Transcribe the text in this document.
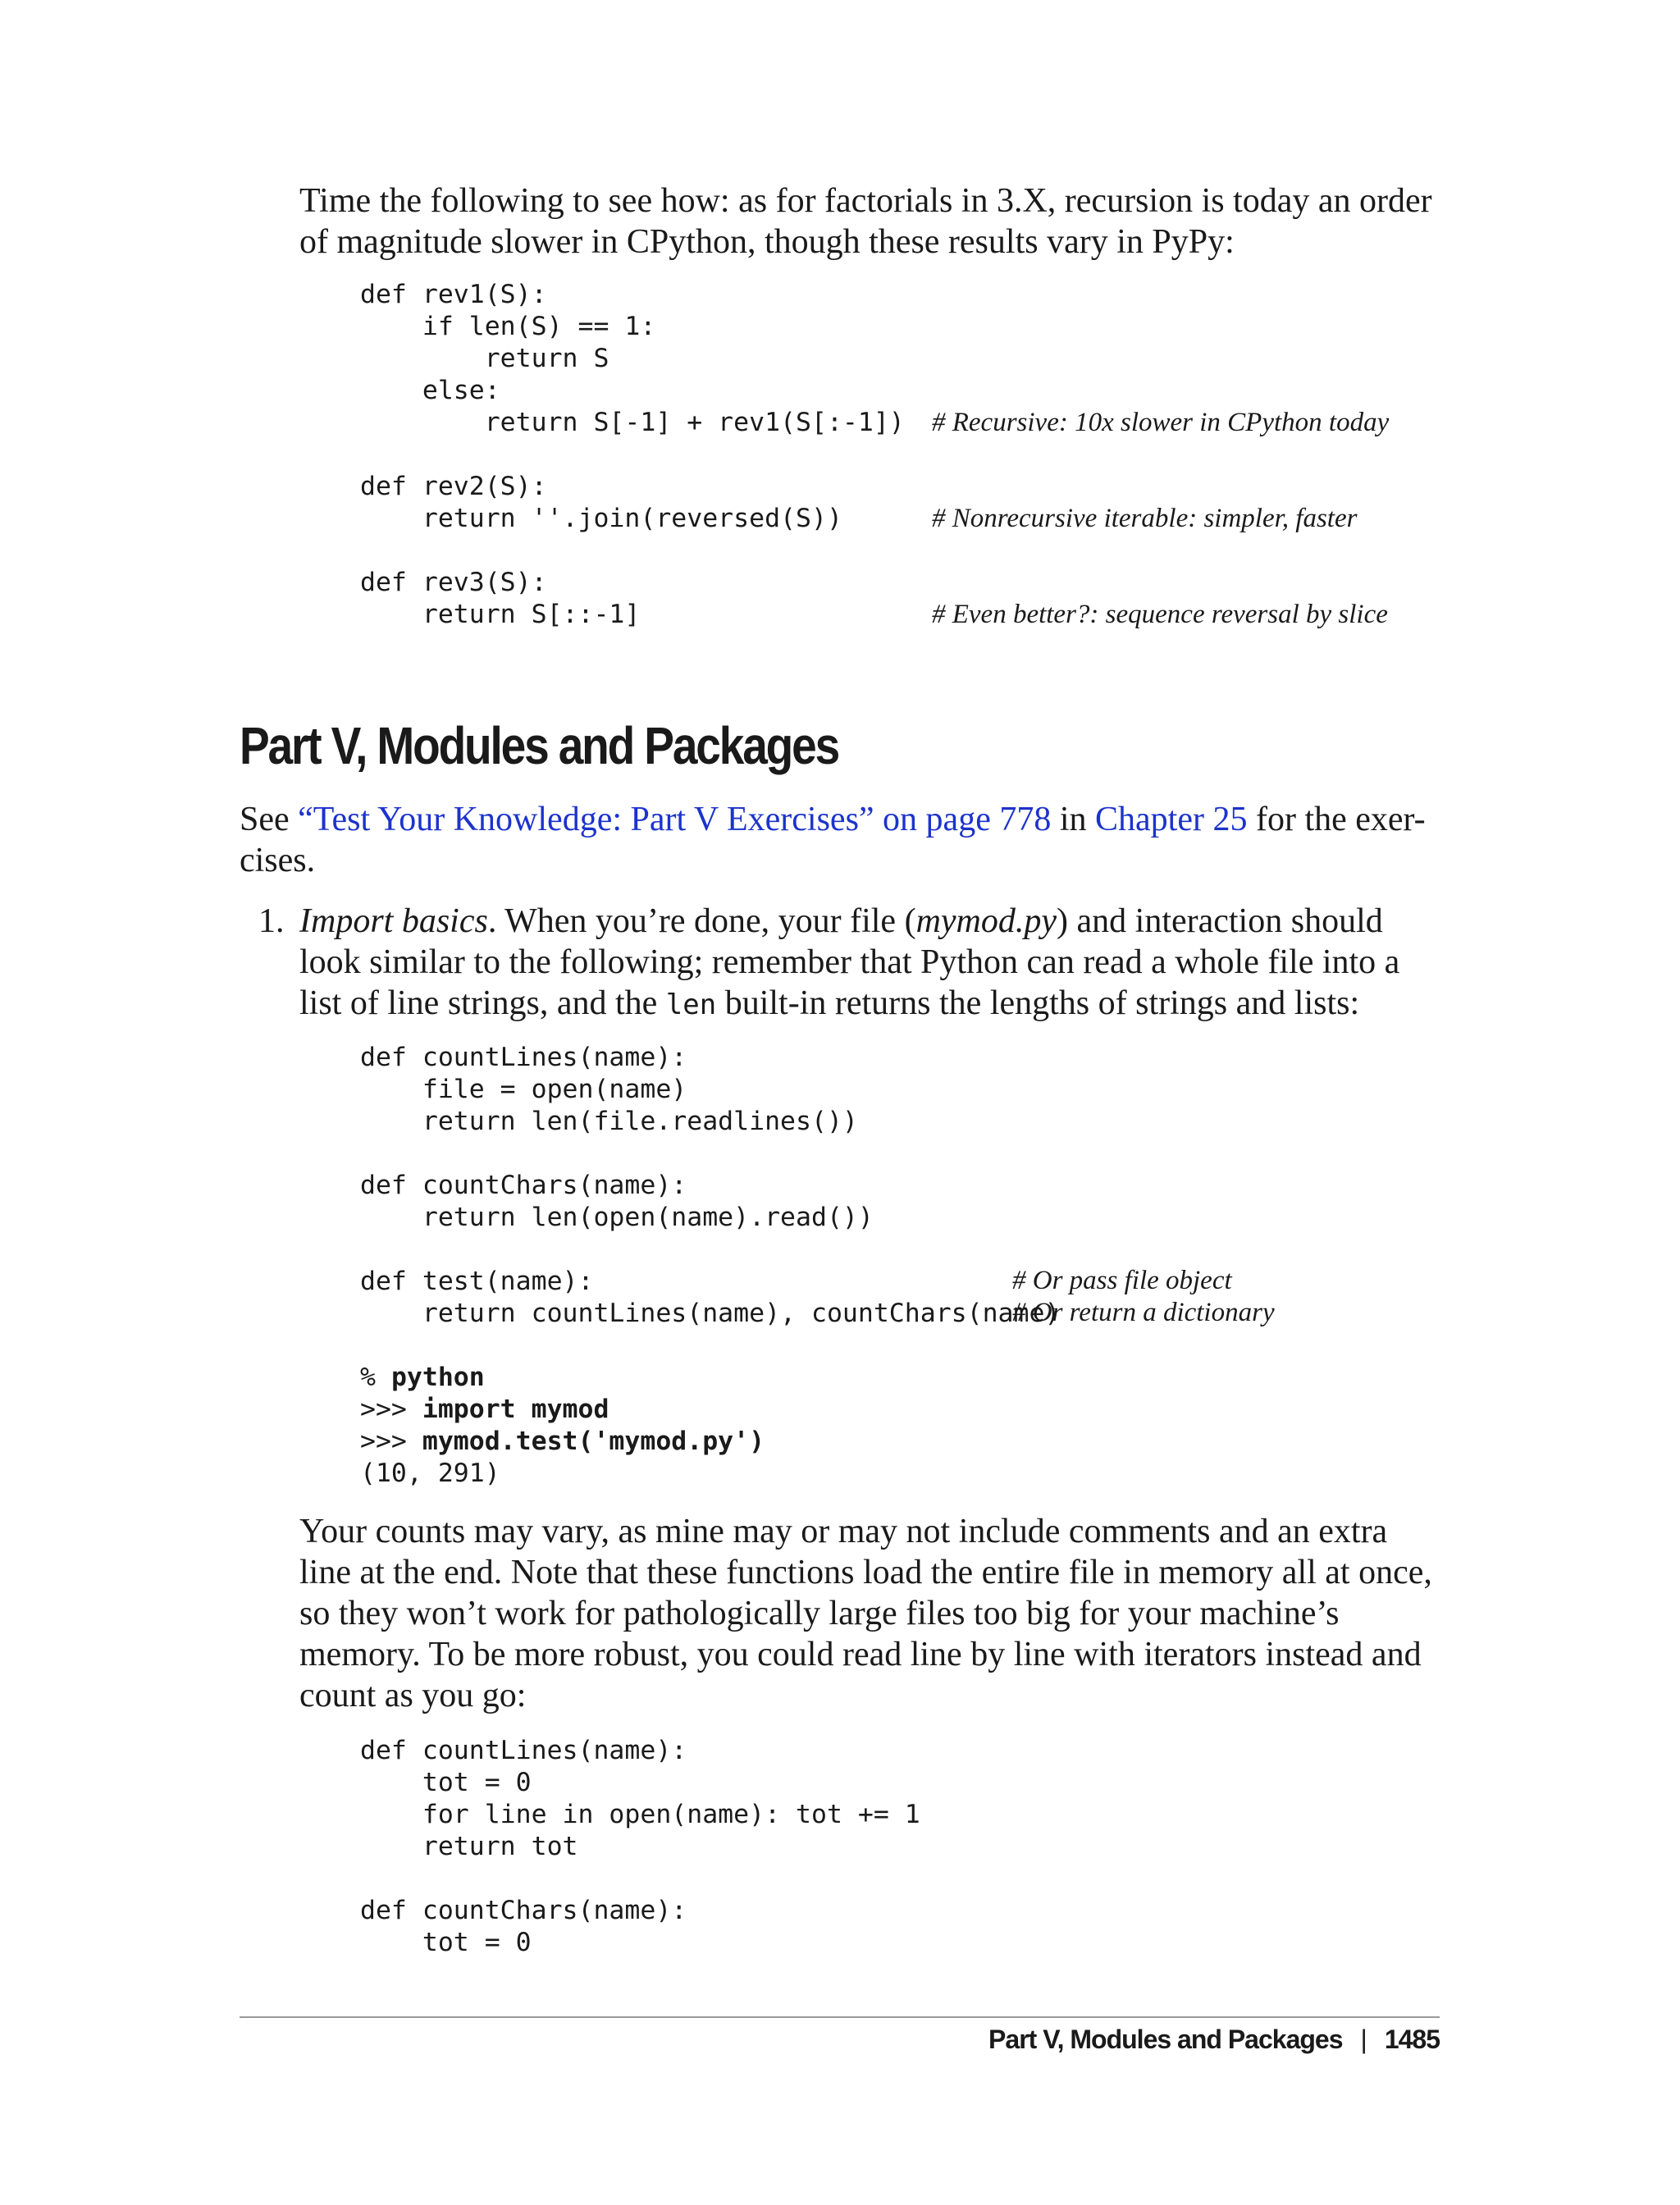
Time the following to see how: as for factorials in 3.X, recursion is today an order of magnitude slower in CPython, though these results vary in PyPy:

def rev1(S):
if len(S) == 1:
return S
else:
return S[-1] + rev1(S[:-1])

def rev2(S):
return ''.join(reversed(S))

def rev3(S):
return S[::-1]
# Recursive: 10x slower in CPython today
# Nonrecursive iterable: simpler, faster
# Even better?: sequence reversal by slice
Part V, Modules and Packages

See “Test Your Knowledge: Part V Exercises” on page 778 in Chapter 25 for the exer-cises.

1. Import basics. When you’re done, your file (mymod.py) and interaction should look similar to the following; remember that Python can read a whole file into a list of line strings, and the len built-in returns the lengths of strings and lists:

def countLines(name):
file = open(name)
return len(file.readlines())

def countChars(name):
return len(open(name).read())

def test(name):
return countLines(name), countChars(name)

% python
>>> import mymod
>>> mymod.test('mymod.py')
(10, 291)
# Or pass file object
# Or return a dictionary

Your counts may vary, as mine may or may not include comments and an extra line at the end. Note that these functions load the entire file in memory all at once, so they won’t work for pathologically large files too big for your machine’s memory. To be more robust, you could read line by line with iterators instead and count as you go:

def countLines(name):
tot = 0
for line in open(name): tot += 1
return tot

def countChars(name):
tot = 0
Part V, Modules and Packages | 1485
